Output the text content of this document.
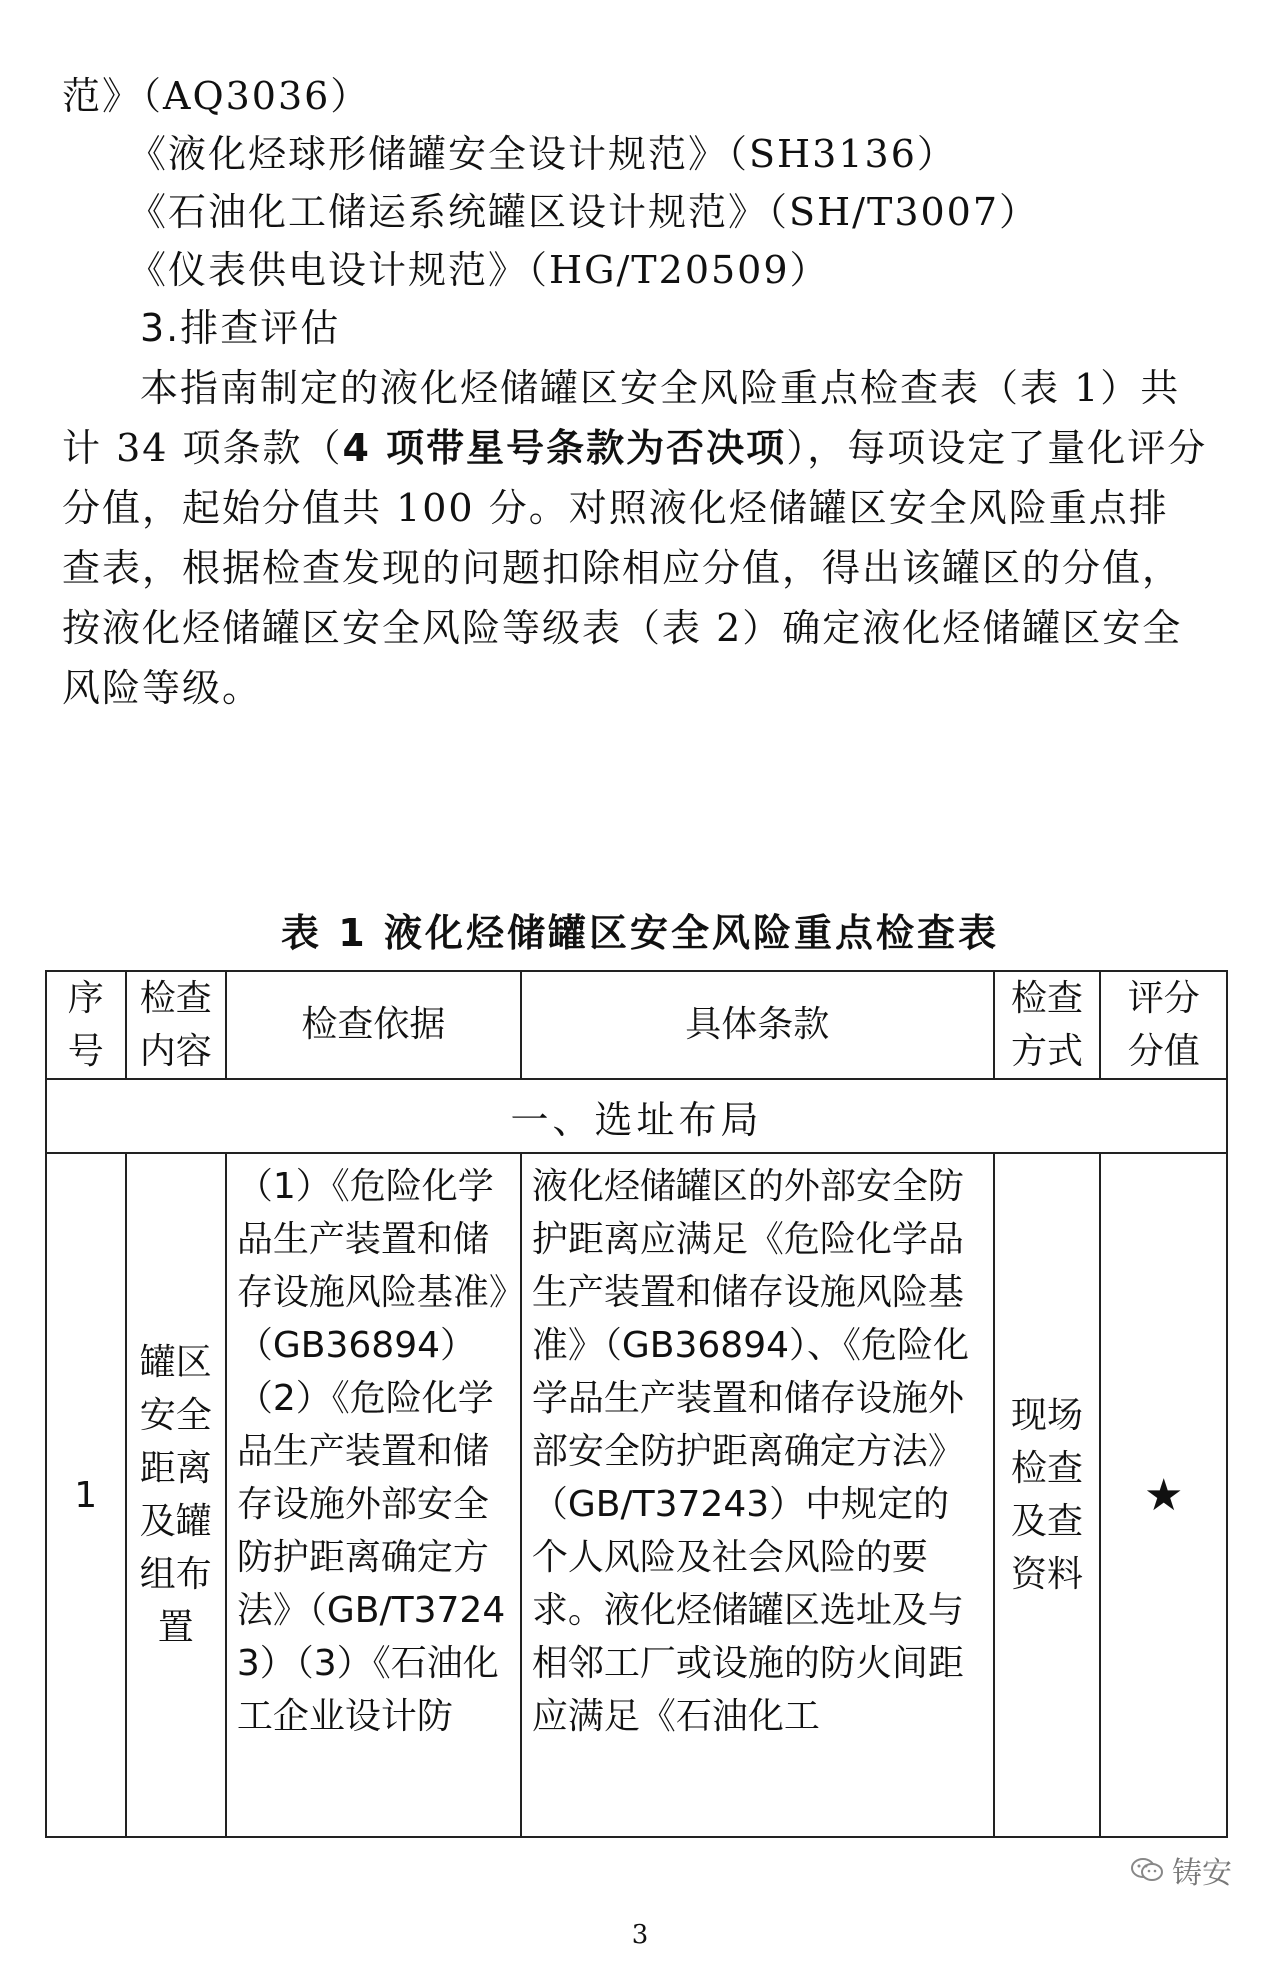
范》（AQ3036）
《液化烃球形储罐安全设计规范》（SH3136）
《石油化工储运系统罐区设计规范》（SH/T3007）
《仪表供电设计规范》（HG/T20509）
3.排查评估
本指南制定的液化烃储罐区安全风险重点检查表（表 1）共
计 34 项条款（4 项带星号条款为否决项），每项设定了量化评分
分值，起始分值共 100 分。对照液化烃储罐区安全风险重点排
查表，根据检查发现的问题扣除相应分值，得出该罐区的分值，
按液化烃储罐区安全风险等级表（表 2）确定液化烃储罐区安全
风险等级。
表 1 液化烃储罐区安全风险重点检查表
序号	检查内容	检查依据	具体条款	检查方式	评分分值

一、选址布局					
1	罐区安全距离及罐组布置	（1）《危险化学品生产装置和储存设施风险基准》（GB36894）（2）《危险化学品生产装置和储存设施外部安全防护距离确定方法》（GB/T37243）（3）《石油化工企业设计防	液化烃储罐区的外部安全防护距离应满足《危险化学品生产装置和储存设施风险基准》（GB36894）、《危险化学品生产装置和储存设施外部安全防护距离确定方法》（GB/T37243）中规定的个人风险及社会风险的要求。液化烃储罐区选址及与相邻工厂或设施的防火间距应满足《石油化工	现场检查及查资料	★
铸安
3
